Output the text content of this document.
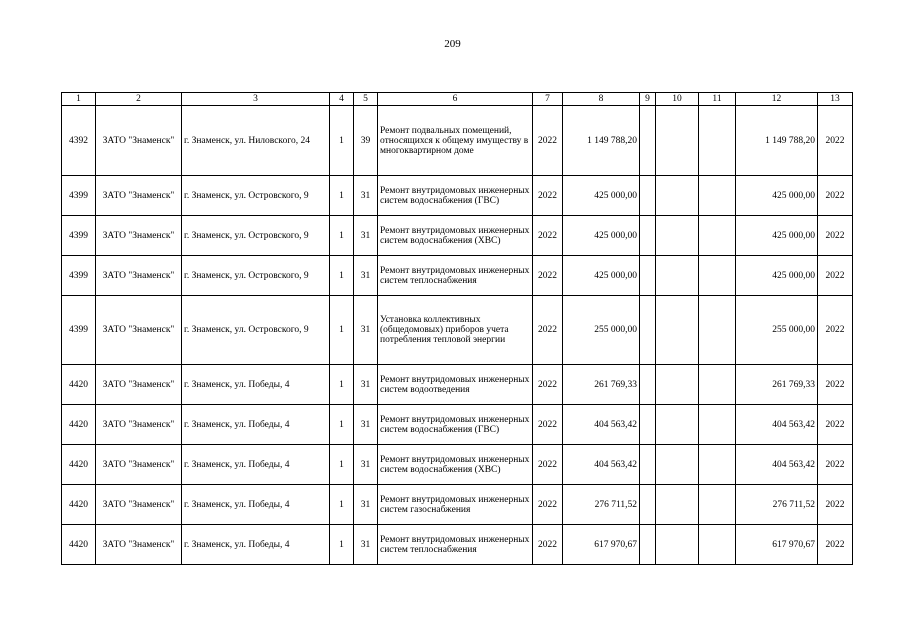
209
1	2	3	4	5	6	7	8	9	10	11	12	13
4392	ЗАТО "Знаменск"	г. Знаменск, ул. Ниловского, 24	1	39	Ремонт подвальных помещений, относящихся к общему имуществу в многоквартирном доме	2022	1 149 788,20				1 149 788,20	2022
4399	ЗАТО "Знаменск"	г. Знаменск, ул. Островского, 9	1	31	Ремонт внутридомовых инженерных систем водоснабжения (ГВС)	2022	425 000,00				425 000,00	2022
4399	ЗАТО "Знаменск"	г. Знаменск, ул. Островского, 9	1	31	Ремонт внутридомовых инженерных систем водоснабжения (ХВС)	2022	425 000,00				425 000,00	2022
4399	ЗАТО "Знаменск"	г. Знаменск, ул. Островского, 9	1	31	Ремонт внутридомовых инженерных систем теплоснабжения	2022	425 000,00				425 000,00	2022
4399	ЗАТО "Знаменск"	г. Знаменск, ул. Островского, 9	1	31	Установка коллективных (общедомовых) приборов учета потребления тепловой энергии	2022	255 000,00				255 000,00	2022
4420	ЗАТО "Знаменск"	г. Знаменск, ул. Победы, 4	1	31	Ремонт внутридомовых инженерных систем водоотведения	2022	261 769,33				261 769,33	2022
4420	ЗАТО "Знаменск"	г. Знаменск, ул. Победы, 4	1	31	Ремонт внутридомовых инженерных систем водоснабжения (ГВС)	2022	404 563,42				404 563,42	2022
4420	ЗАТО "Знаменск"	г. Знаменск, ул. Победы, 4	1	31	Ремонт внутридомовых инженерных систем водоснабжения (ХВС)	2022	404 563,42				404 563,42	2022
4420	ЗАТО "Знаменск"	г. Знаменск, ул. Победы, 4	1	31	Ремонт внутридомовых инженерных систем газоснабжения	2022	276 711,52				276 711,52	2022
4420	ЗАТО "Знаменск"	г. Знаменск, ул. Победы, 4	1	31	Ремонт внутридомовых инженерных систем теплоснабжения	2022	617 970,67				617 970,67	2022
